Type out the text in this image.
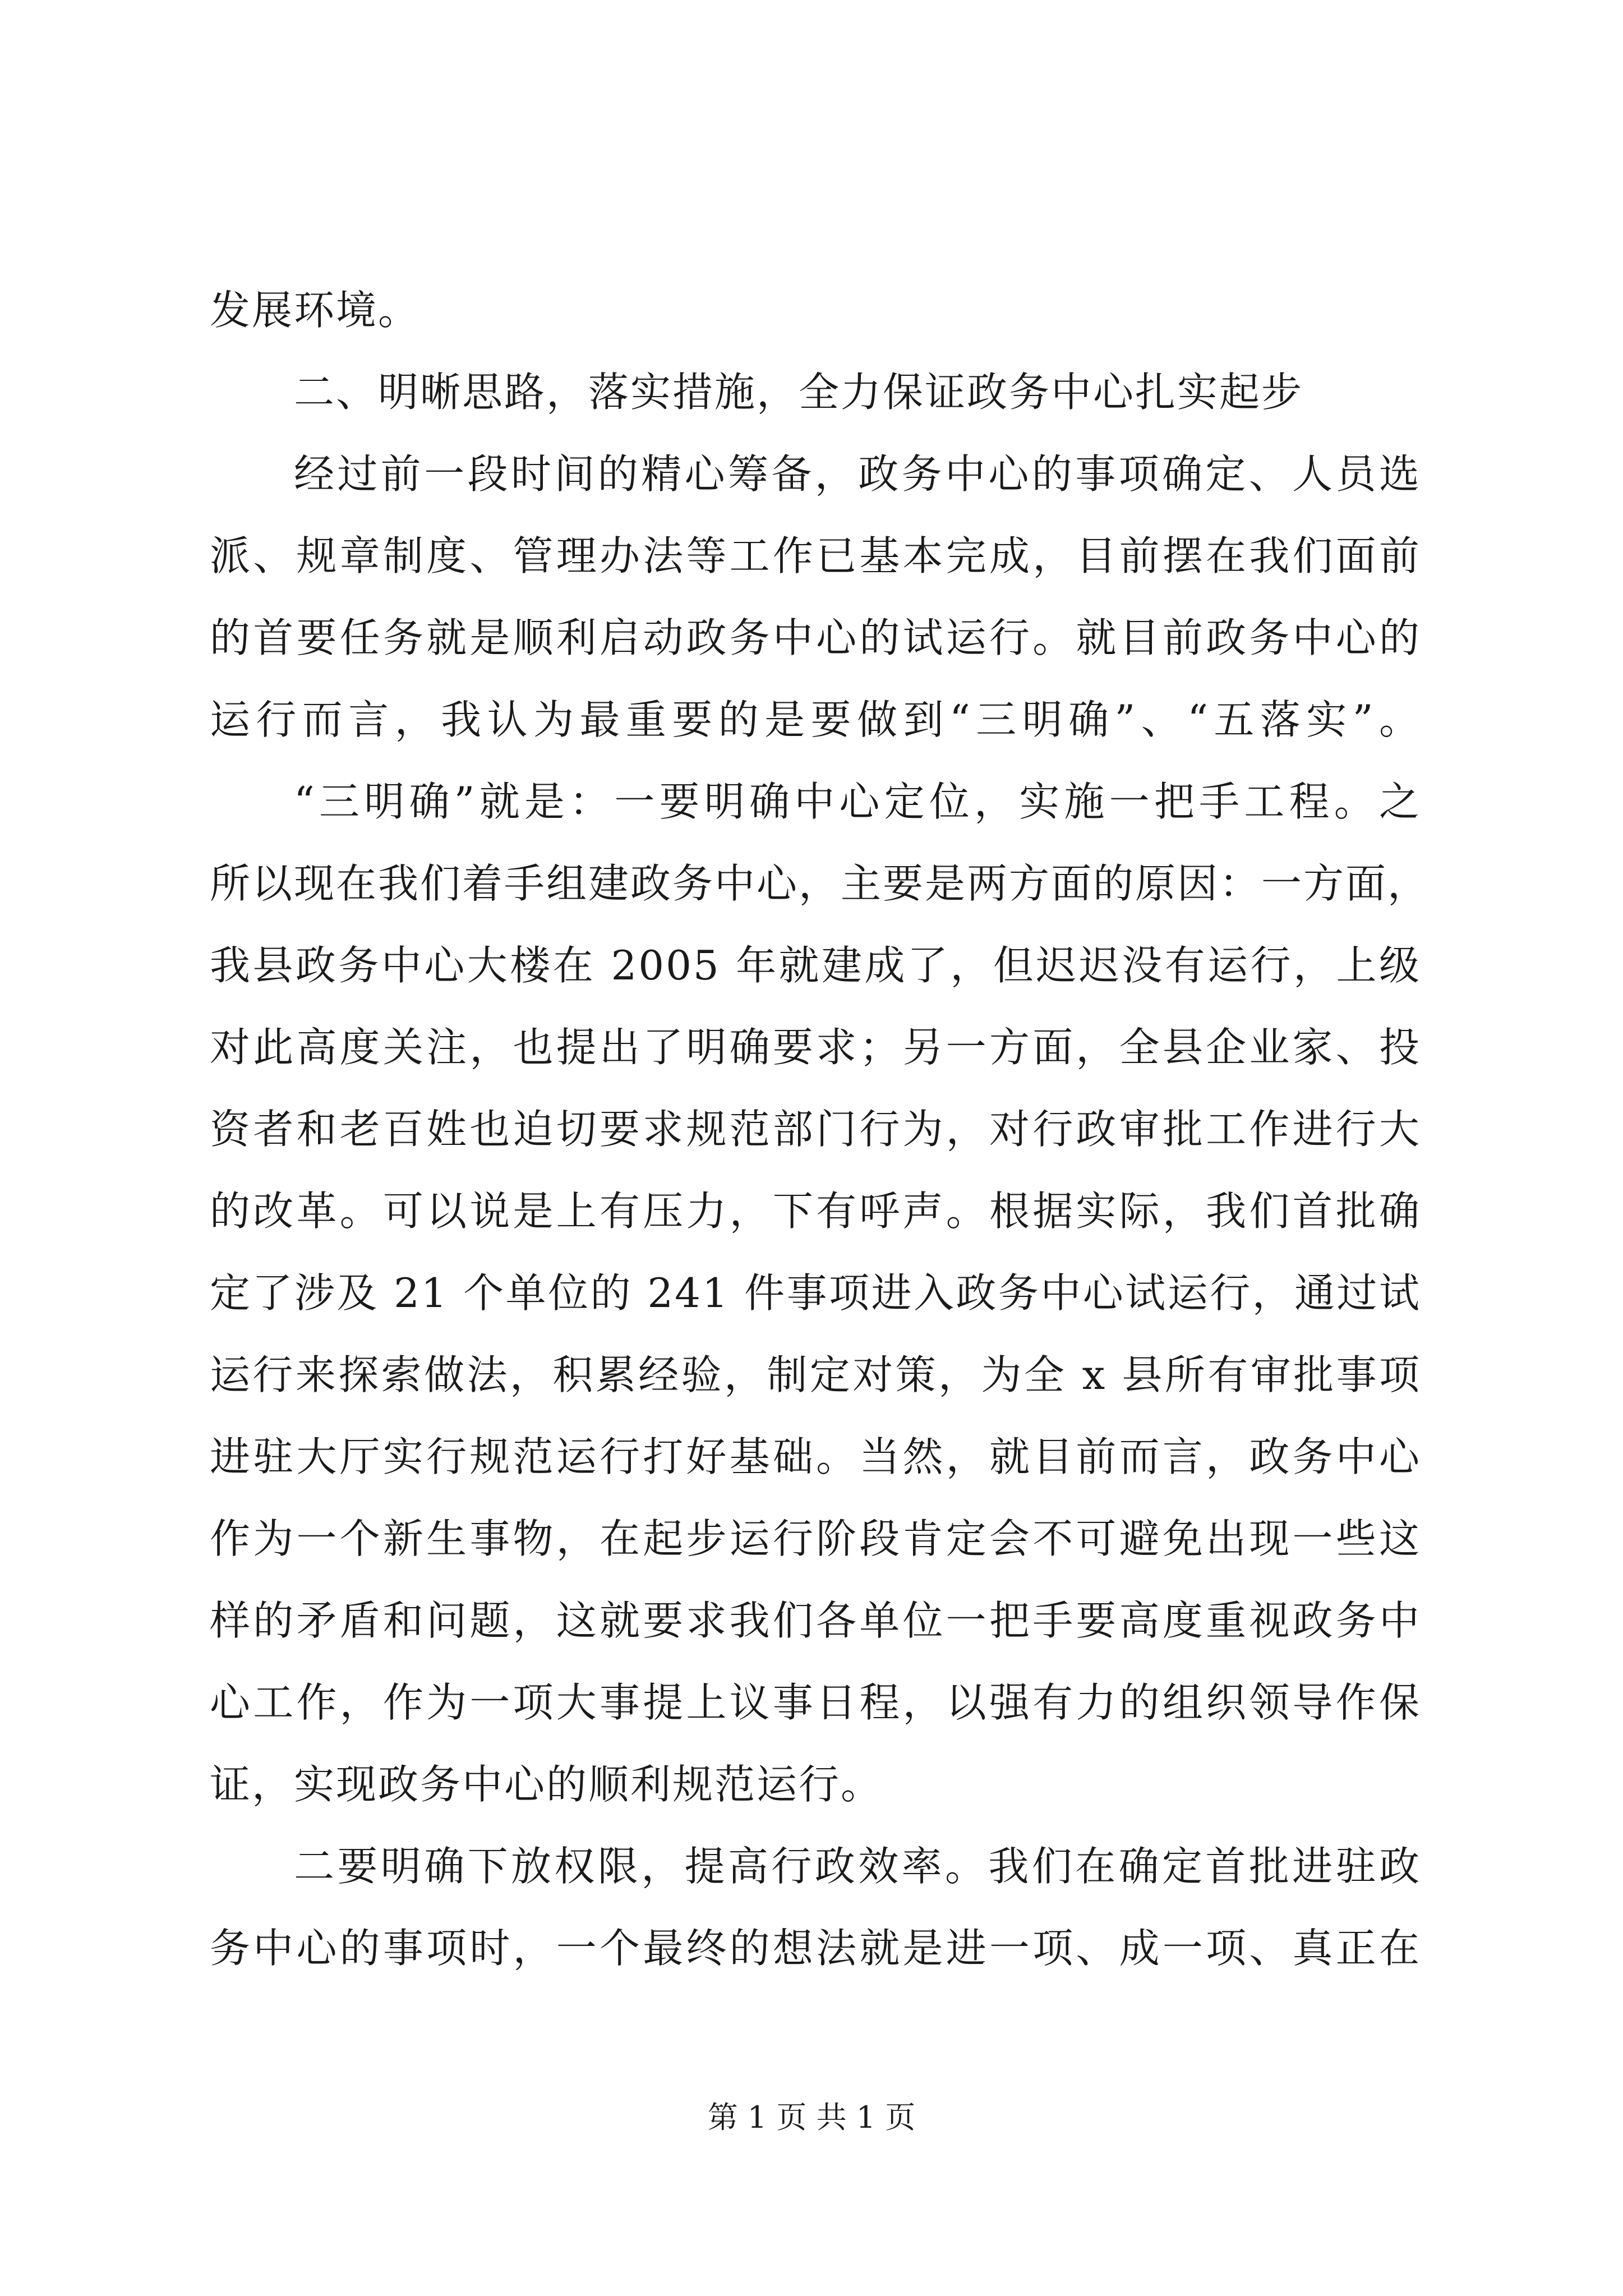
发展环境。
二、明晰思路，落实措施，全力保证政务中心扎实起步
经过前一段时间的精心筹备，政务中心的事项确定、人员选
派、规章制度、管理办法等工作已基本完成，目前摆在我们面前
的首要任务就是顺利启动政务中心的试运行。就目前政务中心的
运行而言，我认为最重要的是要做到“三明确”、“五落实”。
“三明确”就是：一要明确中心定位，实施一把手工程。之
所以现在我们着手组建政务中心，主要是两方面的原因：一方面，
我县政务中心大楼在 2005 年就建成了，但迟迟没有运行，上级
对此高度关注，也提出了明确要求；另一方面，全县企业家、投
资者和老百姓也迫切要求规范部门行为，对行政审批工作进行大
的改革。可以说是上有压力，下有呼声。根据实际，我们首批确
定了涉及 21 个单位的 241 件事项进入政务中心试运行，通过试
运行来探索做法，积累经验，制定对策，为全 x 县所有审批事项
进驻大厅实行规范运行打好基础。当然，就目前而言，政务中心
作为一个新生事物，在起步运行阶段肯定会不可避免出现一些这
样的矛盾和问题，这就要求我们各单位一把手要高度重视政务中
心工作，作为一项大事提上议事日程，以强有力的组织领导作保
证，实现政务中心的顺利规范运行。
二要明确下放权限，提高行政效率。我们在确定首批进驻政
务中心的事项时，一个最终的想法就是进一项、成一项、真正在
第 1 页 共 1 页
